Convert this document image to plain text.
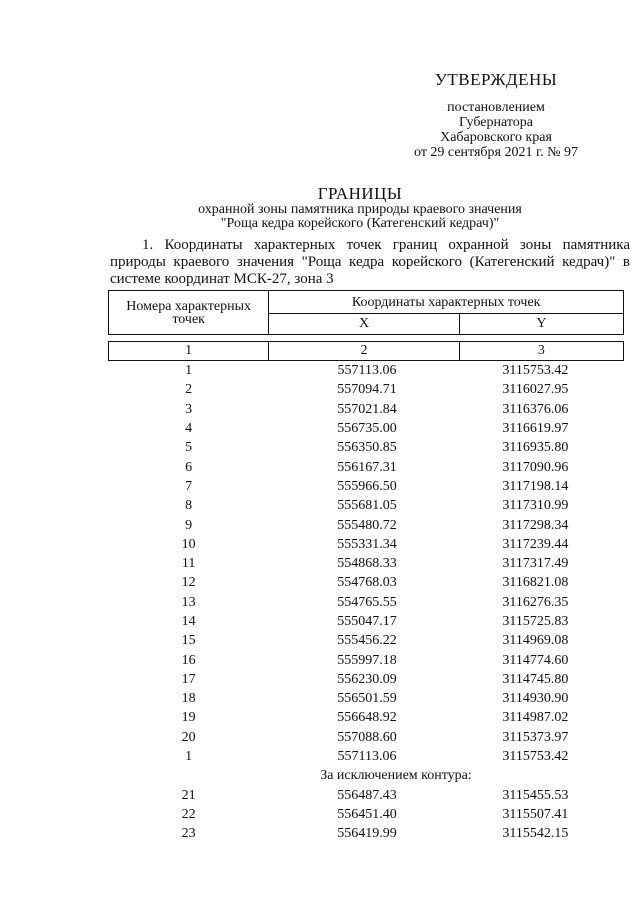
УТВЕРЖДЕНЫ
постановлением
Губернатора
Хабаровского края
от 29 сентября 2021 г. № 97
ГРАНИЦЫ
охранной зоны памятника природы краевого значения
"Роща кедра корейского (Категенский кедрач)"
1. Координаты характерных точек границ охранной зоны памятника природы краевого значения "Роща кедра корейского (Категенский кедрач)" в системе координат МСК-27, зона 3
Номера характерных точек	Координаты характерных точек	
	X	Y

1	2	3
1	557113.06	3115753.42
2	557094.71	3116027.95
3	557021.84	3116376.06
4	556735.00	3116619.97
5	556350.85	3116935.80
6	556167.31	3117090.96
7	555966.50	3117198.14
8	555681.05	3117310.99
9	555480.72	3117298.34
10	555331.34	3117239.44
11	554868.33	3117317.49
12	554768.03	3116821.08
13	554765.55	3116276.35
14	555047.17	3115725.83
15	555456.22	3114969.08
16	555997.18	3114774.60
17	556230.09	3114745.80
18	556501.59	3114930.90
19	556648.92	3114987.02
20	557088.60	3115373.97
1	557113.06	3115753.42
За исключением контура:		
21	556487.43	3115455.53
22	556451.40	3115507.41
23	556419.99	3115542.15
